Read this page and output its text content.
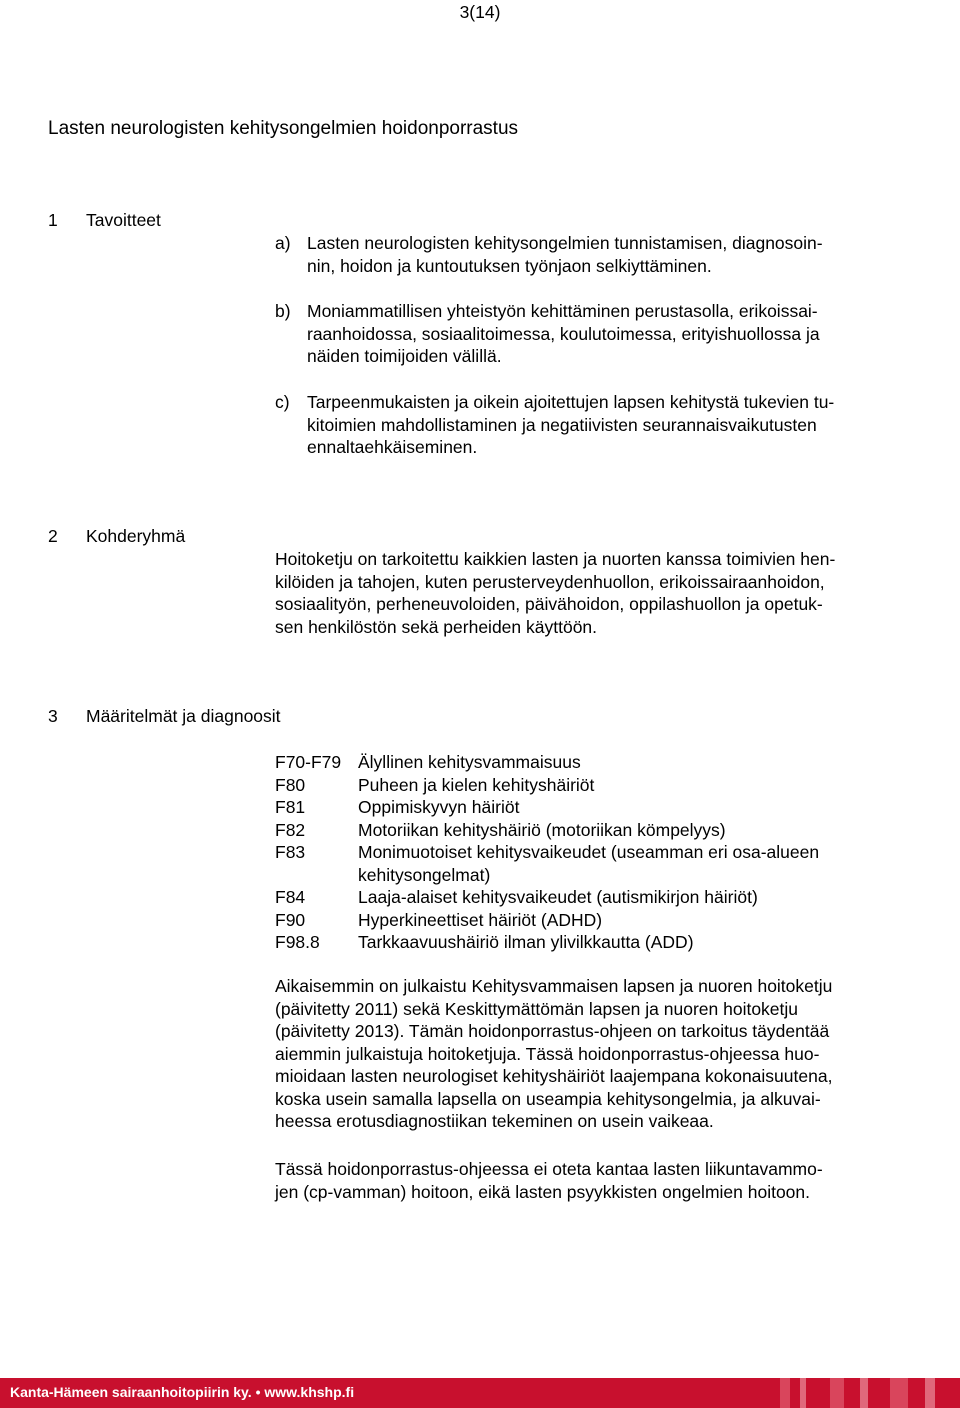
3(14)
Lasten neurologisten kehitysongelmien hoidonporrastus
1 Tavoitteet
a) Lasten neurologisten kehitysongelmien tunnistamisen, diagnosoin-
nin, hoidon ja kuntoutuksen työnjaon selkiyttäminen.
b) Moniammatillisen yhteistyön kehittäminen perustasolla, erikoissai-
raanhoidossa, sosiaalitoimessa, koulutoimessa, erityishuollossa ja
näiden toimijoiden välillä.
c) Tarpeenmukaisten ja oikein ajoitettujen lapsen kehitystä tukevien tu-
kitoimien mahdollistaminen ja negatiivisten seurannaisvaikutusten
ennaltaehkäiseminen.
2 Kohderyhmä
Hoitoketju on tarkoitettu kaikkien lasten ja nuorten kanssa toimivien hen-
kilöiden ja tahojen, kuten perusterveydenhuollon, erikoissairaanhoidon,
sosiaalityön, perheneuvoloiden, päivähoidon, oppilashuollon ja opetuk-
sen henkilöstön sekä perheiden käyttöön.
3 Määritelmät ja diagnoosit
F70-F79 Älyllinen kehitysvammaisuus
F80	Puheen ja kielen kehityshäiriöt
F81	Oppimiskyvyn häiriöt
F82	Motoriikan kehityshäiriö (motoriikan kömpelyys)
F83	Monimuotoiset kehitysvaikeudet (useamman eri osa-alueen
kehitysongelmat)
F84	Laaja-alaiset kehitysvaikeudet (autismikirjon häiriöt)
F90	Hyperkineettiset häiriöt (ADHD)
F98.8 Tarkkaavuushäiriö ilman ylivilkkautta (ADD)
Aikaisemmin on julkaistu Kehitysvammaisen lapsen ja nuoren hoitoketju
(päivitetty 2011) sekä Keskittymättömän lapsen ja nuoren hoitoketju
(päivitetty 2013). Tämän hoidonporrastus-ohjeen on tarkoitus täydentää
aiemmin julkaistuja hoitoketjuja. Tässä hoidonporrastus-ohjeessa huo-
mioidaan lasten neurologiset kehityshäiriöt laajempana kokonaisuutena,
koska usein samalla lapsella on useampia kehitysongelmia, ja alkuvai-
heessa erotusdiagnostiikan tekeminen on usein vaikeaa.
Tässä hoidonporrastus-ohjeessa ei oteta kantaa lasten liikuntavammo-
jen (cp-vamman) hoitoon, eikä lasten psyykkisten ongelmien hoitoon.
Kanta-Hämeen sairaanhoitopiirin ky. • www.khshp.fi
